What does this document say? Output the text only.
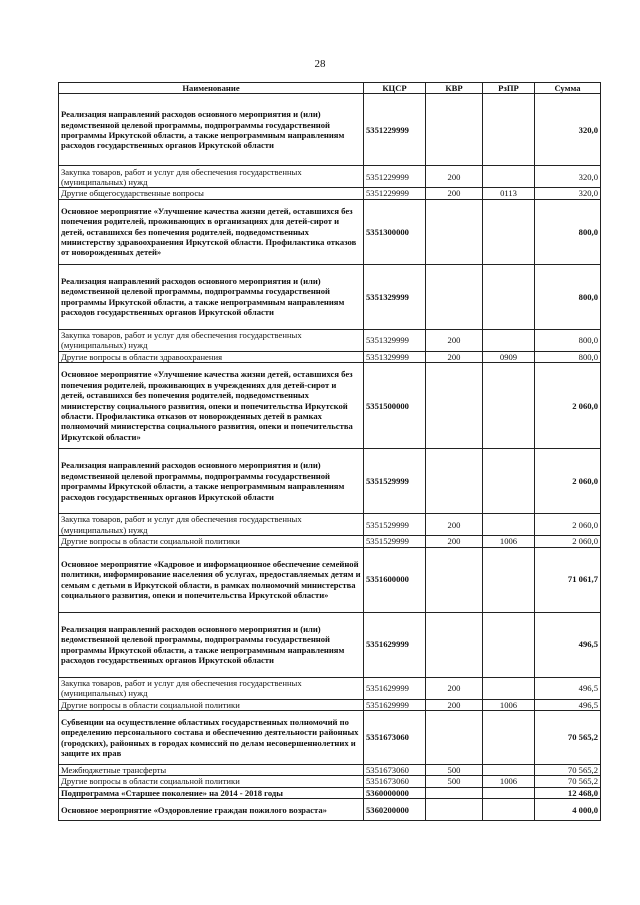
28
Наименование	КЦСР	КВР	РзПР	Сумма
Реализация направлений расходов основного мероприятия и (или) ведомственной целевой программы, подпрограммы государственной программы Иркутской области, а также непрограммным направлениям расходов государственных органов Иркутской области	5351229999			320,0
Закупка товаров, работ и услуг для обеспечения государственных (муниципальных) нужд	5351229999	200		320,0
Другие общегосударственные вопросы	5351229999	200	0113	320,0
Основное мероприятие «Улучшение качества жизни детей, оставшихся без попечения родителей, проживающих в организациях для детей-сирот и детей, оставшихся без попечения родителей, подведомственных министерству здравоохранения Иркутской области. Профилактика отказов от новорожденных детей»	5351300000			800,0
Реализация направлений расходов основного мероприятия и (или) ведомственной целевой программы, подпрограммы государственной программы Иркутской области, а также непрограммным направлениям расходов государственных органов Иркутской области	5351329999			800,0
Закупка товаров, работ и услуг для обеспечения государственных (муниципальных) нужд	5351329999	200		800,0
Другие вопросы в области здравоохранения	5351329999	200	0909	800,0
Основное мероприятие «Улучшение качества жизни детей, оставшихся без попечения родителей, проживающих в учреждениях для детей-сирот и детей, оставшихся без попечения родителей, подведомственных министерству социального развития, опеки и попечительства Иркутской области. Профилактика отказов от новорожденных детей в рамках полномочий министерства социального развития, опеки и попечительства Иркутской области»	5351500000			2 060,0
Реализация направлений расходов основного мероприятия и (или) ведомственной целевой программы, подпрограммы государственной программы Иркутской области, а также непрограммным направлениям расходов государственных органов Иркутской области	5351529999			2 060,0
Закупка товаров, работ и услуг для обеспечения государственных (муниципальных) нужд	5351529999	200		2 060,0
Другие вопросы в области социальной политики	5351529999	200	1006	2 060,0
Основное мероприятие «Кадровое и информационное обеспечение семейной политики, информирование населения об услугах, предоставляемых детям и семьям с детьми в Иркутской области, в рамках полномочий министерства социального развития, опеки и попечительства Иркутской области»	5351600000			71 061,7
Реализация направлений расходов основного мероприятия и (или) ведомственной целевой программы, подпрограммы государственной программы Иркутской области, а также непрограммным направлениям расходов государственных органов Иркутской области	5351629999			496,5
Закупка товаров, работ и услуг для обеспечения государственных (муниципальных) нужд	5351629999	200		496,5
Другие вопросы в области социальной политики	5351629999	200	1006	496,5
Субвенции на осуществление областных государственных полномочий по определению персонального состава и обеспечению деятельности районных (городских), районных в городах комиссий по делам несовершеннолетних и защите их прав	5351673060			70 565,2
Межбюджетные трансферты	5351673060	500		70 565,2
Другие вопросы в области социальной политики	5351673060	500	1006	70 565,2
Подпрограмма «Старшее поколение» на 2014 - 2018 годы	5360000000			12 468,0
Основное мероприятие «Оздоровление граждан пожилого возраста»	5360200000			4 000,0
